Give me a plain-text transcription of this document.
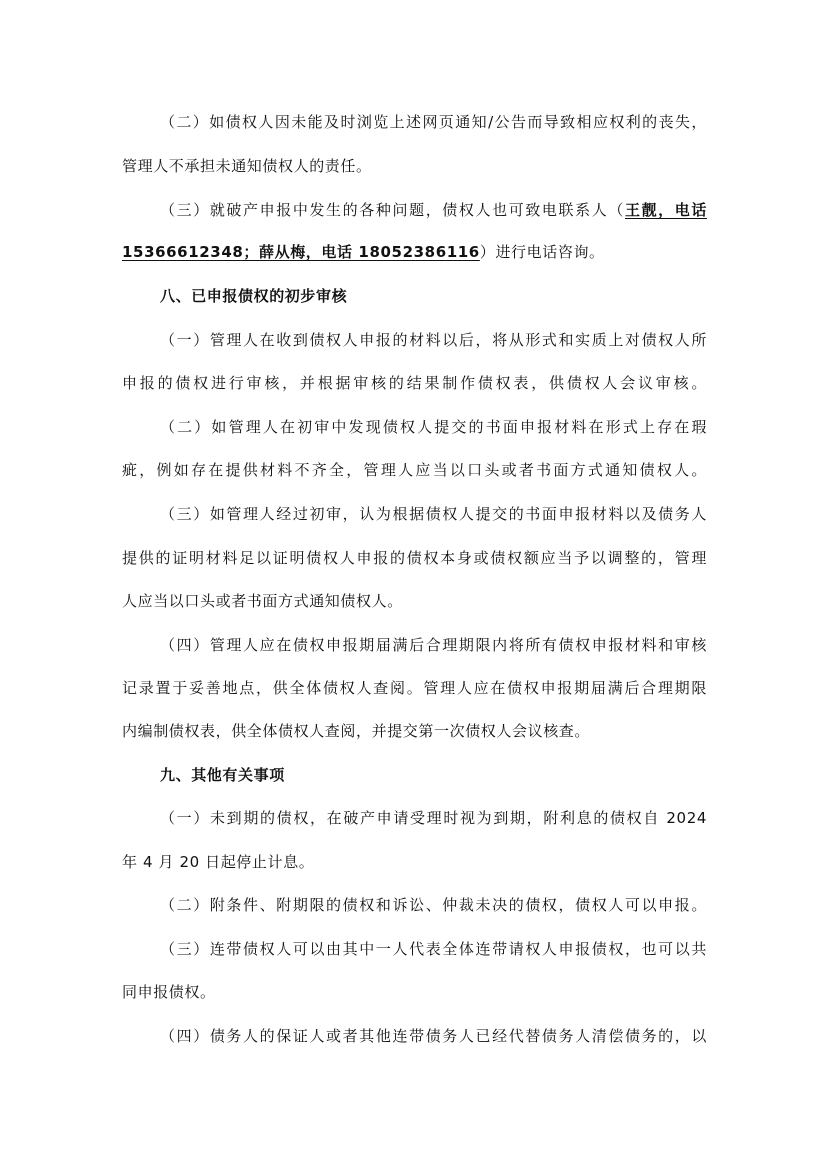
（二）如债权人因未能及时浏览上述网页通知/公告而导致相应权利的丧失，
管理人不承担未通知债权人的责任。
（三）就破产申报中发生的各种问题，债权人也可致电联系人（王靓，电话
15366612348；薛从梅，电话 18052386116）进行电话咨询。
八、已申报债权的初步审核
（一）管理人在收到债权人申报的材料以后，将从形式和实质上对债权人所
申报的债权进行审核，并根据审核的结果制作债权表，供债权人会议审核。
（二）如管理人在初审中发现债权人提交的书面申报材料在形式上存在瑕
疵，例如存在提供材料不齐全，管理人应当以口头或者书面方式通知债权人。
（三）如管理人经过初审，认为根据债权人提交的书面申报材料以及债务人
提供的证明材料足以证明债权人申报的债权本身或债权额应当予以调整的，管理
人应当以口头或者书面方式通知债权人。
（四）管理人应在债权申报期届满后合理期限内将所有债权申报材料和审核
记录置于妥善地点，供全体债权人查阅。管理人应在债权申报期届满后合理期限
内编制债权表，供全体债权人查阅，并提交第一次债权人会议核查。
九、其他有关事项
（一）未到期的债权，在破产申请受理时视为到期，附利息的债权自 2024
年 4 月 20 日起停止计息。
（二）附条件、附期限的债权和诉讼、仲裁未决的债权，债权人可以申报。
（三）连带债权人可以由其中一人代表全体连带请权人申报债权，也可以共
同申报债权。
（四）债务人的保证人或者其他连带债务人已经代替债务人清偿债务的，以
